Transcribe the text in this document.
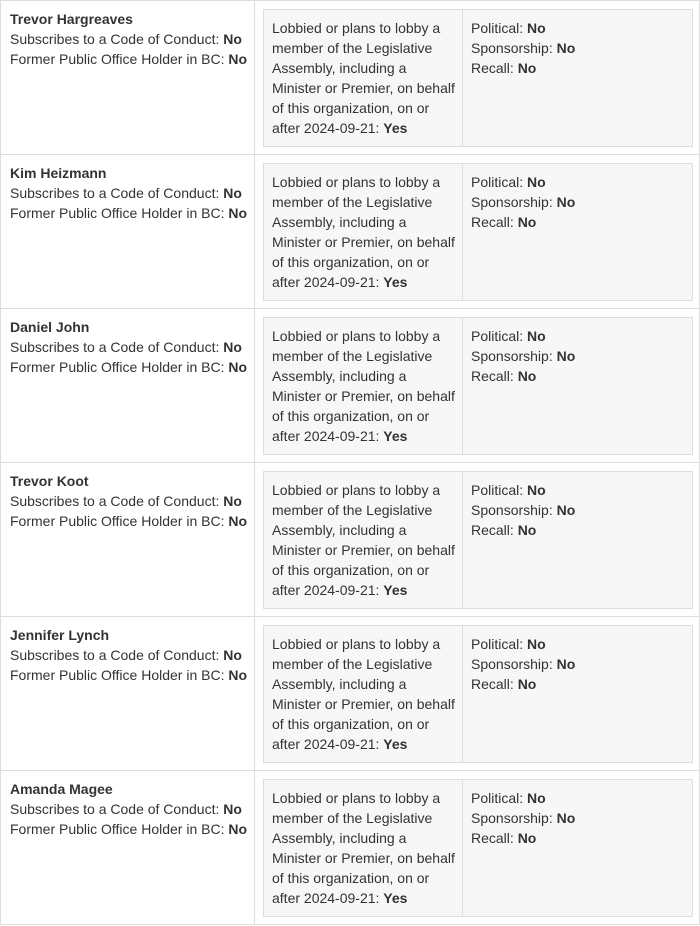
Trevor Hargreaves
Subscribes to a Code of Conduct: No
Former Public Office Holder in BC: No

Lobbied or plans to lobby a member of the Legislative Assembly, including a Minister or Premier, on behalf of this organization, on or after 2024-09-21: Yes	
Political: No
Sponsorship: No
Recall: No

Kim Heizmann
Subscribes to a Code of Conduct: No
Former Public Office Holder in BC: No

Lobbied or plans to lobby a member of the Legislative Assembly, including a Minister or Premier, on behalf of this organization, on or after 2024-09-21: Yes	
Political: No
Sponsorship: No
Recall: No

Daniel John
Subscribes to a Code of Conduct: No
Former Public Office Holder in BC: No

Lobbied or plans to lobby a member of the Legislative Assembly, including a Minister or Premier, on behalf of this organization, on or after 2024-09-21: Yes	
Political: No
Sponsorship: No
Recall: No

Trevor Koot
Subscribes to a Code of Conduct: No
Former Public Office Holder in BC: No

Lobbied or plans to lobby a member of the Legislative Assembly, including a Minister or Premier, on behalf of this organization, on or after 2024-09-21: Yes	
Political: No
Sponsorship: No
Recall: No

Jennifer Lynch
Subscribes to a Code of Conduct: No
Former Public Office Holder in BC: No

Lobbied or plans to lobby a member of the Legislative Assembly, including a Minister or Premier, on behalf of this organization, on or after 2024-09-21: Yes	
Political: No
Sponsorship: No
Recall: No

Amanda Magee
Subscribes to a Code of Conduct: No
Former Public Office Holder in BC: No

Lobbied or plans to lobby a member of the Legislative Assembly, including a Minister or Premier, on behalf of this organization, on or after 2024-09-21: Yes	
Political: No
Sponsorship: No
Recall: No
